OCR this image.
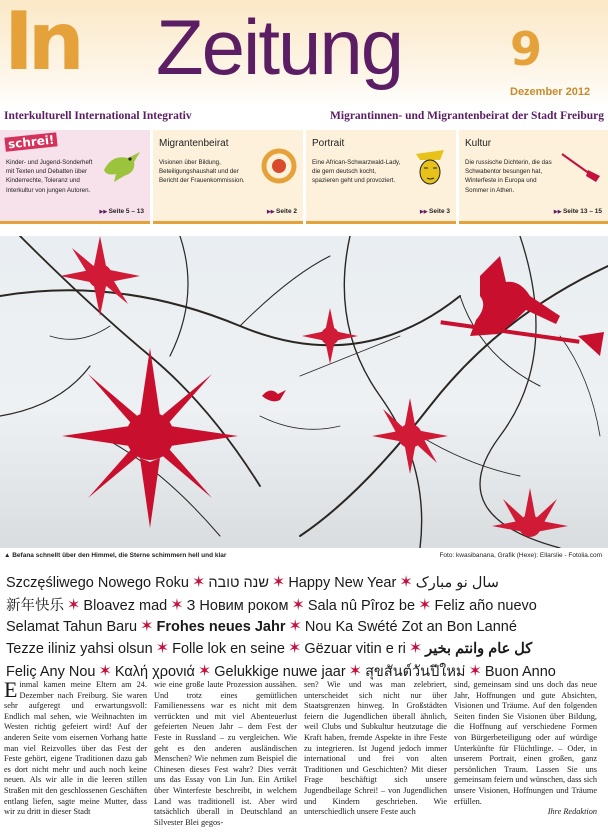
In Zeitung 9
Dezember 2012
Interkulturell International Integrativ	Migrantinnen- und Migrantenbeirat der Stadt Freiburg
schrei!
Kinder- und Jugend-Sonderheft mit Texten und Debatten über Kinderrechte, Toleranz und Interkultur von jungen Autoren.
▶▶ Seite 5 – 13
Migrantenbeirat
Visionen über Bildung, Beteiligungshaushalt und der Bericht der Frauenkommission.
▶▶ Seite 2
Portrait
Eine African-Schwarzwald-Lady, die gern deutsch kocht, spazieren geht und provoziert.
▶▶ Seite 3
Kultur
Die russische Dichterin, die das Schwabentor besungen hat, Winterfeste in Europa und Sommer in Athen.
▶▶ Seite 13 – 15
▲ Befana schnellt über den Himmel, die Sterne schimmern hell und klar	Foto: kwasibanana, Grafik (Hexe): Ellarslie - Fotolia.com
Szczęśliwego Nowego Roku ✶ שנה טובה ✶ Happy New Year ✶ سال نو مبارک
新年快乐 ✶ Bloavez mad ✶ З Новим роком ✶ Sala nû Pîroz be ✶ Feliz año nuevo
Selamat Tahun Baru ✶ Frohes neues Jahr ✶ Nou Ka Swété Zot an Bon Lanné
Tezze iliniz yahsi olsun ✶ Folle lok en seine ✶ Gëzuar vitin e ri ✶ كل عام وانتم بخير
Feliç Any Nou ✶ Καλή χρονιά ✶ Gelukkige nuwe jaar ✶ สุขสันต์วันปีใหม่ ✶ Buon Anno
Einmal kamen meine Eltern am 24. Dezember nach Freiburg. Sie waren sehr aufgeregt und erwartungsvoll: Endlich mal sehen, wie Weihnachten im Westen richtig gefeiert wird! Auf der anderen Seite vom eisernen Vorhang hatte man viel Reizvolles über das Fest der Feste gehört, eigene Traditionen dazu gab es dort nicht mehr und auch noch keine neuen. Als wir alle in die leeren stillen Straßen mit den geschlossenen Geschäften entlang liefen, sagte meine Mutter, dass wir zu dritt in dieser Stadt
wie eine große laute Prozession aussähen. Und trotz eines gemütlichen Familienessens war es nicht mit dem verrückten und mit viel Abenteuerlust gefeierten Neuen Jahr – dem Fest der Feste in Russland – zu vergleichen. Wie geht es den anderen ausländischen Menschen? Wie nehmen zum Beispiel die Chinesen dieses Fest wahr? Dies verrät uns das Essay von Lin Jun. Ein Artikel über Winterfeste beschreibt, in welchem Land was traditionell ist. Aber wird tatsächlich überall in Deutschland an Silvester Blei gegos-
sen? Wie und was man zelebriert, unterscheidet sich nicht nur über Staatsgrenzen hinweg. In Großstädten feiern die Jugendlichen überall ähnlich, weil Clubs und Subkultur heutzutage die Kraft haben, fremde Aspekte in ihre Feste zu integrieren. Ist Jugend jedoch immer international und frei von alten Traditionen und Geschichten? Mit dieser Frage beschäftigt sich unsere Jugendbeilage Schrei! – von Jugendlichen und Kindern geschrieben. Wie unterschiedlich unsere Feste auch
sind, gemeinsam sind uns doch das neue Jahr, Hoffnungen und gute Absichten, Visionen und Träume. Auf den folgenden Seiten finden Sie Visionen über Bildung, die Hoffnung auf verschiedene Formen von Bürgerbeteiligung oder auf würdige Unterkünfte für Flüchtlinge. – Oder, in unserem Portrait, einen großen, ganz persönlichen Traum. Lassen Sie uns gemeinsam feiern und wünschen, dass sich unsere Visionen, Hoffnungen und Träume erfüllen.
Ihre Redaktion
